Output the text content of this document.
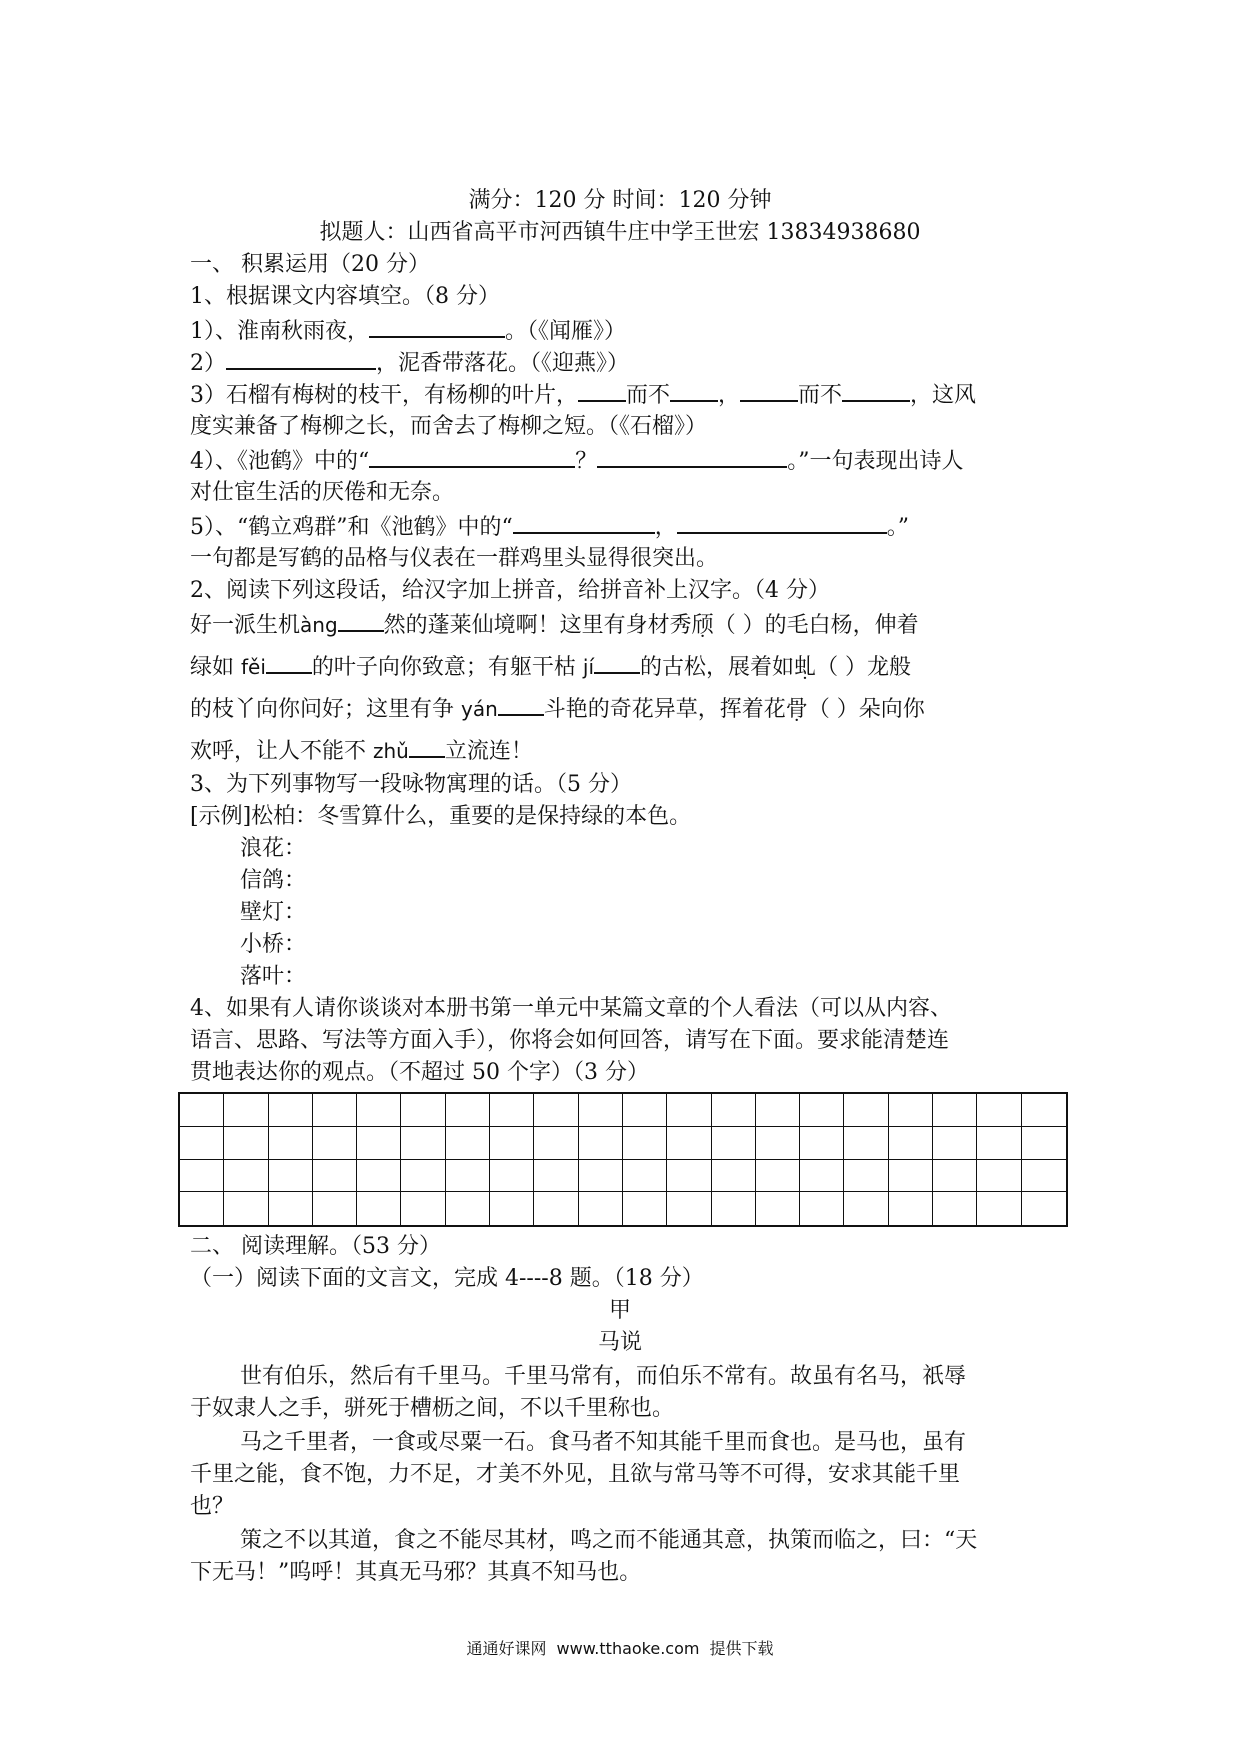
满分：120 分 时间：120 分钟
拟题人：山西省高平市河西镇牛庄中学王世宏 13834938680
一、 积累运用（20 分）
1、根据课文内容填空。（8 分）
1）、淮南秋雨夜，	。（《闻雁》）
2）	，泥香带落花。（《迎燕》）
3）石榴有梅树的枝干，有杨柳的叶片， 而不 ，	而不	，这风
度实兼备了梅柳之长，而舍去了梅柳之短。（《石榴》）
4）、《池鹤》中的“	？	。”一句表现出诗人
对仕宦生活的厌倦和无奈。
5）、“鹤立鸡群”和《池鹤》中的“	，	。”
一句都是写鹤的品格与仪表在一群鸡里头显得很突出。
2、阅读下列这段话，给汉字加上拼音，给拼音补上汉字。（4 分）
好一派生机àng 然的蓬莱仙境啊！这里有身材秀颀（ ）的毛白杨，伸着
绿如 fěi 的叶子向你致意；有躯干枯 jí 的古松，展着如虬（ ）龙般
的枝丫向你问好；这里有争 yán 斗艳的奇花异草，挥着花骨（ ）朵向你
欢呼，让人不能不 zhǔ 立流连！
3、为下列事物写一段咏物寓理的话。（5 分）
[示例]松柏：冬雪算什么，重要的是保持绿的本色。
浪花：
信鸽：
壁灯：
小桥：
落叶：
4、如果有人请你谈谈对本册书第一单元中某篇文章的个人看法（可以从内容、
语言、思路、写法等方面入手），你将会如何回答，请写在下面。要求能清楚连
贯地表达你的观点。（不超过 50 个字）（3 分）
二、 阅读理解。（53 分）
（一）阅读下面的文言文，完成 4----8 题。（18 分）
甲
马说
世有伯乐，然后有千里马。千里马常有，而伯乐不常有。故虽有名马，祇辱
于奴隶人之手，骈死于槽枥之间，不以千里称也。
马之千里者，一食或尽粟一石。食马者不知其能千里而食也。是马也，虽有
千里之能，食不饱，力不足，才美不外见，且欲与常马等不可得，安求其能千里
也？
策之不以其道，食之不能尽其材，鸣之而不能通其意，执策而临之，曰：“天
下无马！”呜呼！其真无马邪？其真不知马也。
通通好课网 www.tthaoke.com 提供下载
